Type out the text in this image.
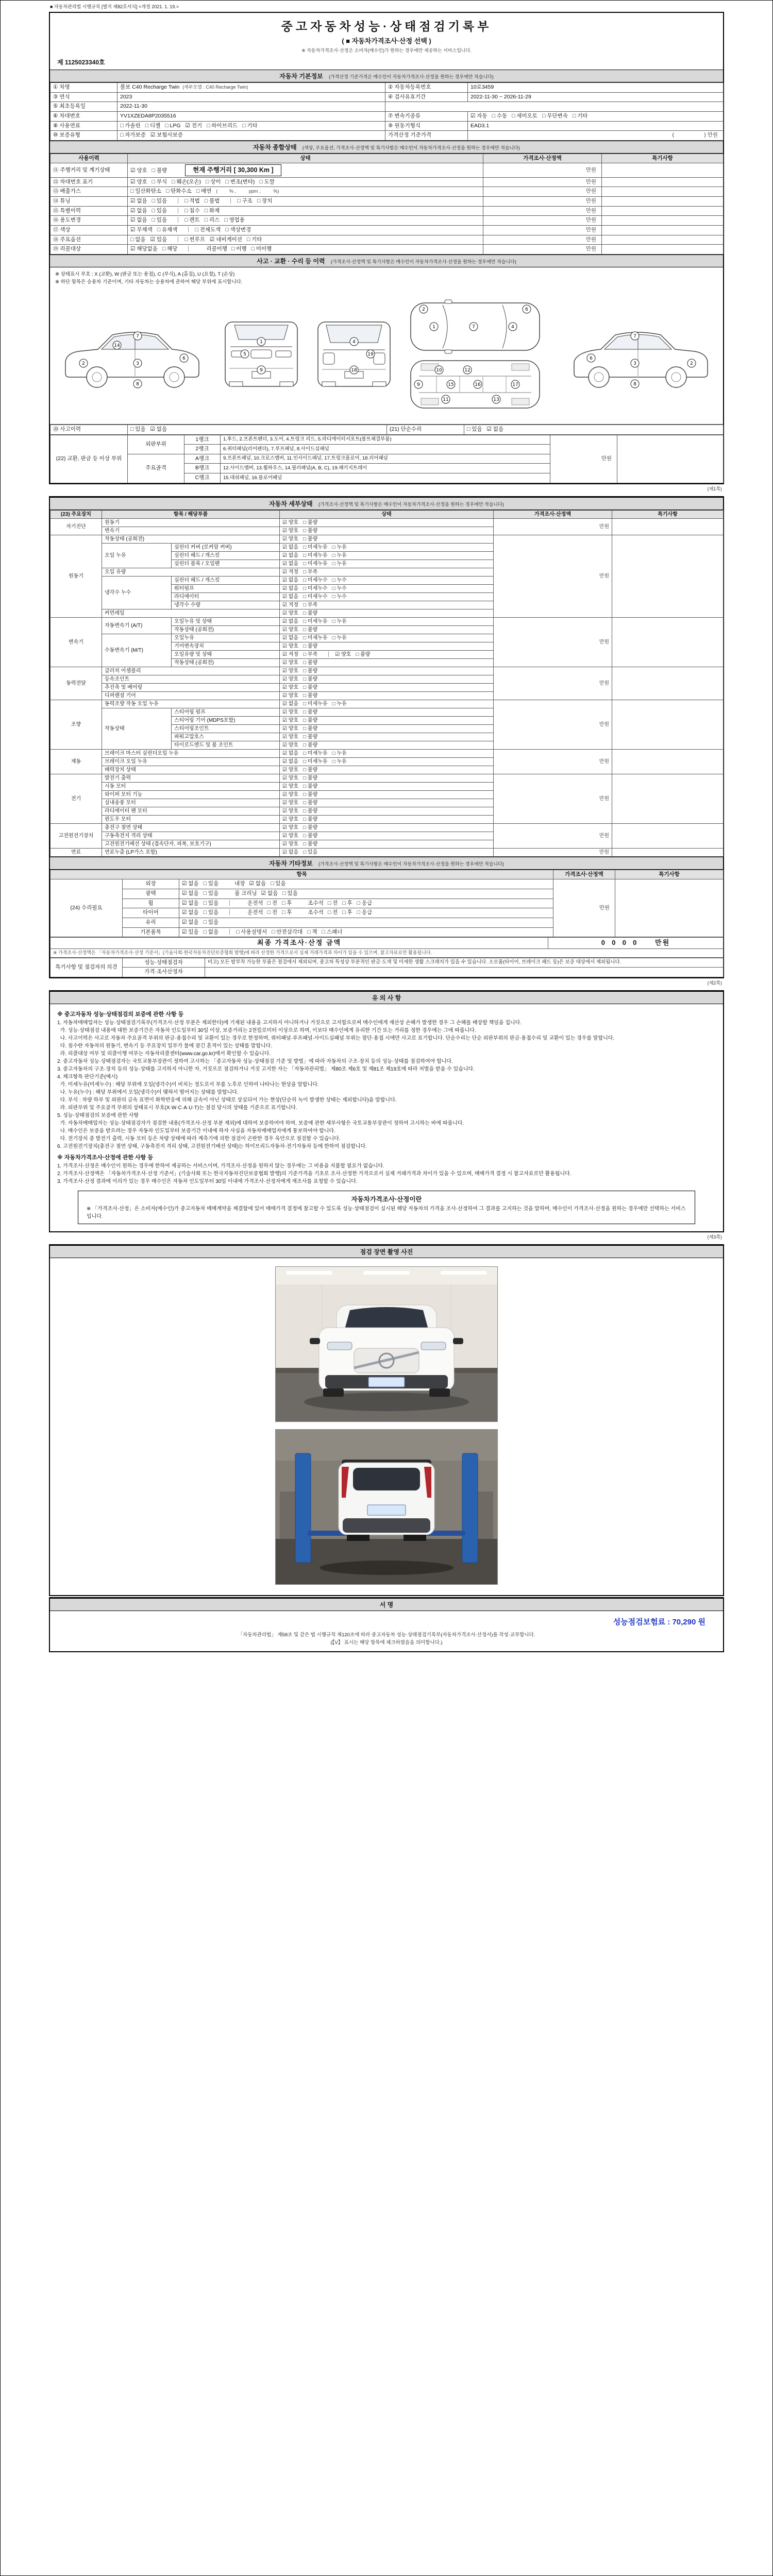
■ 자동차관리법 시행규칙 [별지 제82호서식] <개정 2021. 1. 19.>
중고자동차성능·상태점검기록부
( ■ 자동차가격조사·산정 선택 )
※ 자동차가격조사·산정은 소비자(매수인)가 원하는 경우에만 제공하는 서비스입니다.
제 1125023340호
자동차 기본정보 (가격산정 기준가격은 매수인이 자동차가격조사·산정을 원하는 경우에만 적습니다)
① 차명	볼보 C40 Recharge Twin  (세부모델 : C40 Recharge Twin)	② 자동차등록번호	10로3459
③ 연식	2023	④ 검사유효기간	2022-11-30 ~ 2026-11-29
⑤ 최초등록일	2022-11-30		
⑥ 차대번호	YV1XZEDA8P2035516	⑦ 변속기종류	☑ 자동 □ 수동 □ 세미오토 □ 무단변속 □ 기타
⑧ 사용연료	□ 가솔린 □ 디젤 □ LPG ☑ 전기 □ 하이브리드 □ 기타	⑨ 원동기형식	EAD3.1
⑩ 보증유형	□ 자가보증 ☑ 보험사보증	가격산정 기준가격	(                    ) 만원
자동차 종합상태 (색상, 주요옵션, 가격조사·산정액 및 특기사항은 매수인이 자동차가격조사·산정을 원하는 경우에만 적습니다)
사용이력	상태	가격조사·산정액	특기사항
⑪ 주행거리 및 계기상태	☑ 양호 □ 불량 현재 주행거리 [ 30,300 Km ]	만원	
⑫ 차대번호 표기	☑ 양호 □ 부식 □ 훼손(오손) □ 상이 □ 변조(변타) □ 도말	만원	
⑬ 배출가스	□ 일산화탄소 □ 탄화수소 □ 매연 (         % ,          ppm ,          %)	만원	
⑭ 튜닝	☑ 없음 □ 있음 □ 적법 □ 불법 □ 구조 □ 장치	만원	
⑮ 특별이력	☑ 없음 □ 있음 □ 침수 □ 화재	만원	
⑯ 용도변경	☑ 없음 □ 있음 □ 렌트 □ 리스 □ 영업용	만원	
⑰ 색상	☑ 무채색 □ 유채색 □ 전체도색 □ 색상변경	만원	
⑱ 주요옵션	□ 없음 ☑ 있음 □ 썬루프 ☑ 네비게이션 □ 기타	만원	
⑲ 리콜대상	☑ 해당없음 □ 해당 리콜이행 □ 이행 □ 미이행	만원	
사고 · 교환 · 수리 등 이력 (가격조사·산정액 및 특기사항은 매수인이 자동차가격조사·산정을 원하는 경우에만 적습니다)
※ 상태표시 부호 : X (교환), W (판금 또는 용접), C (부식), A (흠집), U (요철), T (손상)
※ 하단 항목은 승용차 기준이며, 기타 자동차는 승용차에 준하여 해당 부위에 표시합니다.
2	3
6
7
8
14
1
5
9
4
19
18
2
1	7	4
6
10	12
9	15	16	17
11	13
2
3
6
7
8
⑳ 사고이력	□ 있음 ☑ 없음	(21) 단순수리	□ 있음 ☑ 없음
(22) 교환, 판금 등 이상 부위	외판부위	1랭크	1.후드, 2.프론트펜더, 3.도어, 4.트렁크 리드, 5.라디에이터서포트(볼트체결부품)	만원	
		2랭크	6.쿼터패널(리어펜더), 7.루프패널, 8.사이드실패널		
	주요골격	A랭크	9.프론트패널, 10.크로스멤버, 11.인사이드패널, 17.트렁크플로어, 18.리어패널		
		B랭크	12.사이드멤버, 13.휠하우스, 14.필러패널(A, B, C), 19.패키지트레이		
		C랭크	15.대쉬패널, 16.플로어패널		
(제1쪽)
자동차 세부상태 (가격조사·산정액 및 특기사항은 매수인이 자동차가격조사·산정을 원하는 경우에만 적습니다)
(23) 주요장치	항목 / 해당부품		상태	가격조사·산정액	특기사항
자기진단	원동기		☑ 양호 □ 불량	만원	
	변속기		☑ 양호 □ 불량		
원동기	작동상태 (공회전)		☑ 양호 □ 불량	만원	
	오일 누유	실린더 커버 (로커암 커버)	☑ 없음 □ 미세누유 □ 누유		
		실린더 헤드 / 개스킷	☑ 없음 □ 미세누유 □ 누유		
		실린더 블록 / 오일팬	☑ 없음 □ 미세누유 □ 누유		
	오일 유량		☑ 적정 □ 부족		
	냉각수 누수	실린더 헤드 / 개스킷	☑ 없음 □ 미세누수 □ 누수		
		워터펌프	☑ 없음 □ 미세누수 □ 누수		
		라디에이터	☑ 없음 □ 미세누수 □ 누수		
		냉각수 수량	☑ 적정 □ 부족		
	커먼레일		☑ 양호 □ 불량		
변속기	자동변속기 (A/T)	오일누유 및 상태	☑ 없음 □ 미세누유 □ 누유	만원	
		작동상태 (공회전)	☑ 양호 □ 불량		
	수동변속기 (M/T)	오일누유	☑ 없음 □ 미세누유 □ 누유		
		기어변속장치	☑ 양호 □ 불량		
		오일유량 및 상태	☑ 적정 □ 부족 ☑ 양호 □ 불량		
		작동상태 (공회전)	☑ 양호 □ 불량		
동력전달	클러치 어셈블리		☑ 양호 □ 불량	만원	
	등속조인트		☑ 양호 □ 불량		
	추진축 및 베어링		☑ 양호 □ 불량		
	디퍼렌셜 기어		☑ 양호 □ 불량		
조향	동력조향 작동 오일 누유		☑ 없음 □ 미세누유 □ 누유	만원	
	작동상태	스티어링 펌프	☑ 양호 □ 불량		
		스티어링 기어 (MDPS포함)	☑ 양호 □ 불량		
		스티어링조인트	☑ 양호 □ 불량		
		파워고압호스	☑ 양호 □ 불량		
		타이로드엔드 및 볼 조인트	☑ 양호 □ 불량		
제동	브레이크 마스터 실린더오일 누유		☑ 없음 □ 미세누유 □ 누유	만원	
	브레이크 오일 누유		☑ 없음 □ 미세누유 □ 누유		
	배력장치 상태		☑ 양호 □ 불량		
전기	발전기 출력		☑ 양호 □ 불량	만원	
	시동 모터		☑ 양호 □ 불량		
	와이퍼 모터 기능		☑ 양호 □ 불량		
	실내송풍 모터		☑ 양호 □ 불량		
	라디에이터 팬 모터		☑ 양호 □ 불량		
	윈도우 모터		☑ 양호 □ 불량		
고전원전기장치	충전구 절연 상태		☑ 양호 □ 불량	만원	
	구동축전지 격리 상태		☑ 양호 □ 불량		
	고전원전기배선 상태 (접속단자, 피복, 보호기구)		☑ 양호 □ 불량		
연료	연료누출 (LP가스 포함)		☑ 없음 □ 있음	만원	
자동차 기타정보 (가격조사·산정액 및 특기사항은 매수인이 자동차가격조사·산정을 원하는 경우에만 적습니다)
항목			가격조사·산정액	특기사항
(24) 수리필요	외장	☑ 없음 □ 있음 내장 ☑ 없음 □ 있음	만원	
	광택	☑ 없음 □ 있음 룸 크리닝 ☑ 없음 □ 있음		
	휠	☑ 없음 □ 있음 운전석 □ 전 □ 후 조수석 □ 전 □ 후 □ 응급		
	타이어	☑ 없음 □ 있음 운전석 □ 전 □ 후 조수석 □ 전 □ 후 □ 응급		
	유리	☑ 없음 □ 있음		
	기본품목	☑ 있음 □ 없음 □ 사용설명서 □ 안전삼각대 □ 잭 □ 스패너		
최종 가격조사·산정 금액	0  0  0  0      만원
※ 가격조사·산정액은 「자동차가격조사·산정 기준서」(기술사회·한국자동차진단보증협회 발행)에 따라 산정한 가격으로서 실제 거래가격과 차이가 있을 수 있으며, 참고자료로만 활용됩니다.
특기사항 및 점검자의 의견	성능·상태점검자	비고) 모든 탈부착 가능한 부품은 점검에서 제외되며, 중고차 특성상 부분적인 판금·도색 및 미세한 생활 스크래치가 있을 수 있습니다. 소모품(타이어, 브레이크 패드 등)은 보증 대상에서 제외됩니다.
	가격·조사산정자	
(제2쪽)
유 의 사 항
※ 중고자동차 성능·상태점검의 보증에 관한 사항 등
1. 자동차매매업자는 성능·상태점검기록부(가격조사·산정 부분은 제외한다)에 기재된 내용을 고지하지 아니하거나 거짓으로 고지함으로써 매수인에게 재산상 손해가 발생한 경우 그 손해를 배상할 책임을 집니다.
가. 성능·상태점검 내용에 대한 보증기간은 자동차 인도일부터 30일 이상, 보증거리는 2천킬로미터 이상으로 하며, 이보다 매수인에게 유리한 기간 또는 거리를 정한 경우에는 그에 따릅니다.
나. 사고이력은 사고로 자동차 주요골격 부위의 판금·용접수리 및 교환이 있는 경우로 한정하며, 쿼터패널·루프패널·사이드실패널 부위는 절단·용접 시에만 사고로 표기합니다. 단순수리는 단순 외판부위의 판금·용접수리 및 교환이 있는 경우를 말합니다.
다. 침수란 자동차의 원동기, 변속기 등 주요장치 일부가 물에 잠긴 흔적이 있는 상태를 말합니다.
라. 리콜대상 여부 및 리콜이행 여부는 자동차리콜센터(www.car.go.kr)에서 확인할 수 있습니다.
2. 중고자동차 성능·상태점검자는 국토교통부장관이 정하여 고시하는 「중고자동차 성능·상태점검 기준 및 방법」에 따라 자동차의 구조·장치 등의 성능·상태를 점검하여야 합니다.
3. 중고자동차의 구조·장치 등의 성능·상태를 고지하지 아니한 자, 거짓으로 점검하거나 거짓 고지한 자는 「자동차관리법」 제80조 제6호 및 제81조 제19호에 따라 처벌을 받을 수 있습니다.
4. 체크항목 판단기준(예시)
가. 미세누유(미세누수) : 해당 부위에 오일(냉각수)이 비치는 정도로서 부품 노후로 인하여 나타나는 현상을 말합니다.
나. 누유(누수) : 해당 부위에서 오일(냉각수)이 맺혀서 떨어지는 상태를 말합니다.
다. 부식 : 차량 하부 및 외판의 금속 표면이 화학반응에 의해 금속이 아닌 상태로 상실되어 가는 현상(단순히 녹이 발생한 상태는 제외합니다)을 말합니다.
라. 외판부위 및 주요골격 부위의 상태표시 부호(X·W·C·A·U·T)는 점검 당시의 상태를 기준으로 표기합니다.
5. 성능·상태점검의 보증에 관한 사항
가. 자동차매매업자는 성능·상태점검자가 점검한 내용(가격조사·산정 부분 제외)에 대하여 보증하여야 하며, 보증에 관한 세부사항은 국토교통부장관이 정하여 고시하는 바에 따릅니다.
나. 매수인은 보증을 받으려는 경우 자동차 인도일부터 보증기간 이내에 하자 사실을 자동차매매업자에게 통보하여야 합니다.
다. 전기장치 중 발전기 출력, 시동 모터 등은 차량 상태에 따라 계측기에 의한 점검이 곤란한 경우 육안으로 점검할 수 있습니다.
6. 고전원전기장치(충전구 절연 상태, 구동축전지 격리 상태, 고전원전기배선 상태)는 하이브리드자동차·전기자동차 등에 한하여 점검합니다.
※ 자동차가격조사·산정에 관한 사항 등
1. 가격조사·산정은 매수인이 원하는 경우에 한하여 제공하는 서비스이며, 가격조사·산정을 원하지 않는 경우에는 그 비용을 지불할 필요가 없습니다.
2. 가격조사·산정액은 「자동차가격조사·산정 기준서」(기술사회 또는 한국자동차진단보증협회 발행)의 기준가격을 기초로 조사·산정한 가격으로서 실제 거래가격과 차이가 있을 수 있으며, 매매가격 결정 시 참고자료로만 활용됩니다.
3. 가격조사·산정 결과에 이의가 있는 경우 매수인은 자동차 인도일부터 30일 이내에 가격조사·산정자에게 재조사를 요청할 수 있습니다.
자동차가격조사·산정이란
※ 「가격조사·산정」은 소비자(매수인)가 중고자동차 매매계약을 체결함에 있어 매매가격 결정에 참고할 수 있도록 성능·상태점검이 실시된 해당 자동차의 가격을 조사·산정하여 그 결과를 고지하는 것을 말하며, 매수인이 가격조사·산정을 원하는 경우에만 선택하는 서비스입니다.
(제3쪽)
점검 장면 촬영 사진
서 명
성능점검보험료 : 70,290 원
「자동차관리법」 제58조 및 같은 법 시행규칙 제120조에 따라 중고자동차 성능·상태점검기록부(자동차가격조사·산정서)를 작성·교부합니다.
(【V】 표시는 해당 항목에 체크하였음을 의미합니다.)
